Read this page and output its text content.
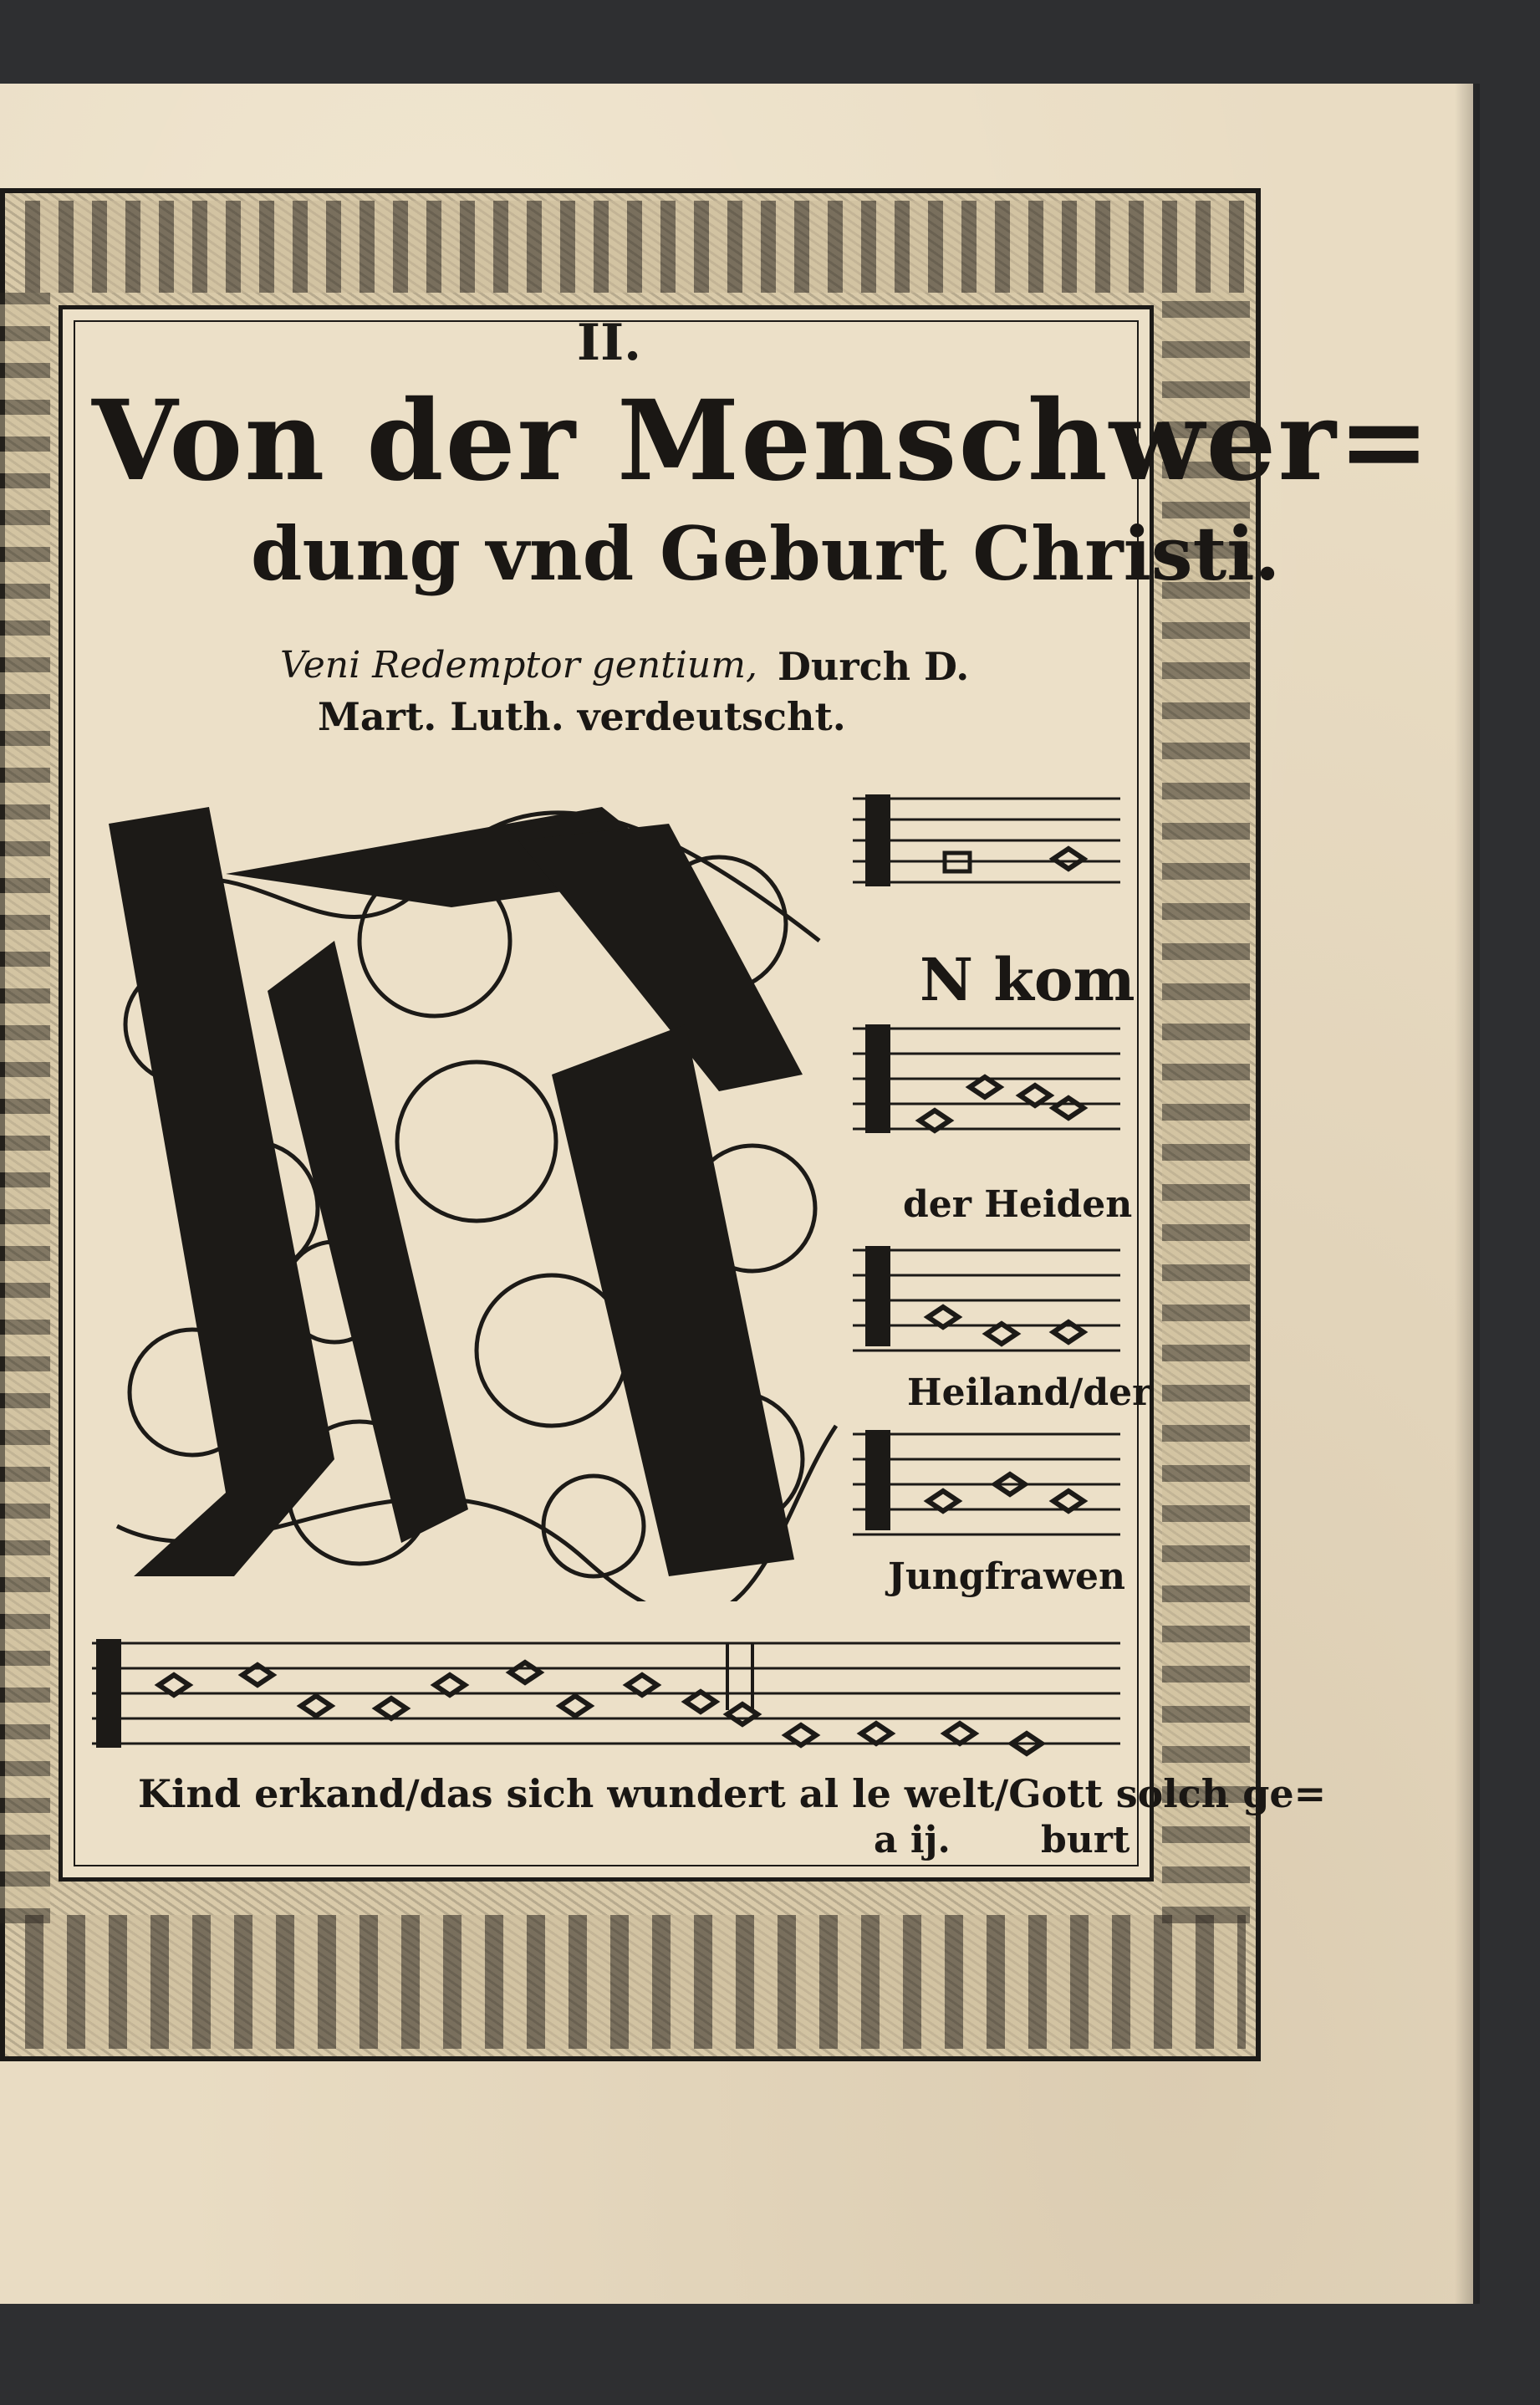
II.
Von der Menschwer=
dung vnd Geburt Christi.
Veni Redemptor gentium, Durch D.
Mart. Luth. verdeutscht.
N kom
der Heiden
Heiland/der
Jungfrawen
Kind erkand/das sich wundert al le welt/Gott solch ge=
a ij. burt
